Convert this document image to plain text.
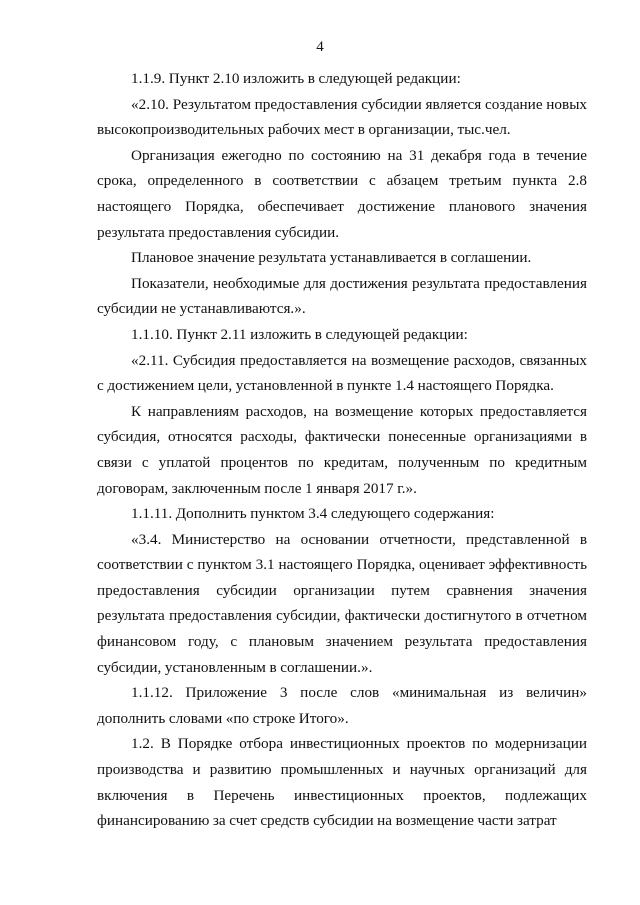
4

1.1.9. Пункт 2.10 изложить в следующей редакции:

«2.10. Результатом предоставления субсидии является создание новых высокопроизводительных рабочих мест в организации, тыс.чел.

Организация ежегодно по состоянию на 31 декабря года в течение срока, определенного в соответствии с абзацем третьим пункта 2.8 настоящего Порядка, обеспечивает достижение планового значения результата предоставления субсидии.

Плановое значение результата устанавливается в соглашении.

Показатели, необходимые для достижения результата предоставления субсидии не устанавливаются.».

1.1.10. Пункт 2.11 изложить в следующей редакции:

«2.11. Субсидия предоставляется на возмещение расходов, связанных с достижением цели, установленной в пункте 1.4 настоящего Порядка.

К направлениям расходов, на возмещение которых предоставляется субсидия, относятся расходы, фактически понесенные организациями в связи с уплатой процентов по кредитам, полученным по кредитным договорам, заключенным после 1 января 2017 г.».

1.1.11. Дополнить пунктом 3.4 следующего содержания:

«3.4. Министерство на основании отчетности, представленной в соответствии с пунктом 3.1 настоящего Порядка, оценивает эффективность предоставления субсидии организации путем сравнения значения результата предоставления субсидии, фактически достигнутого в отчетном финансовом году, с плановым значением результата предоставления субсидии, установленным в соглашении.».

1.1.12. Приложение 3 после слов «минимальная из величин» дополнить словами «по строке Итого».

1.2. В Порядке отбора инвестиционных проектов по модернизации производства и развитию промышленных и научных организаций для включения в Перечень инвестиционных проектов, подлежащих финансированию за счет средств субсидии на возмещение части затрат
